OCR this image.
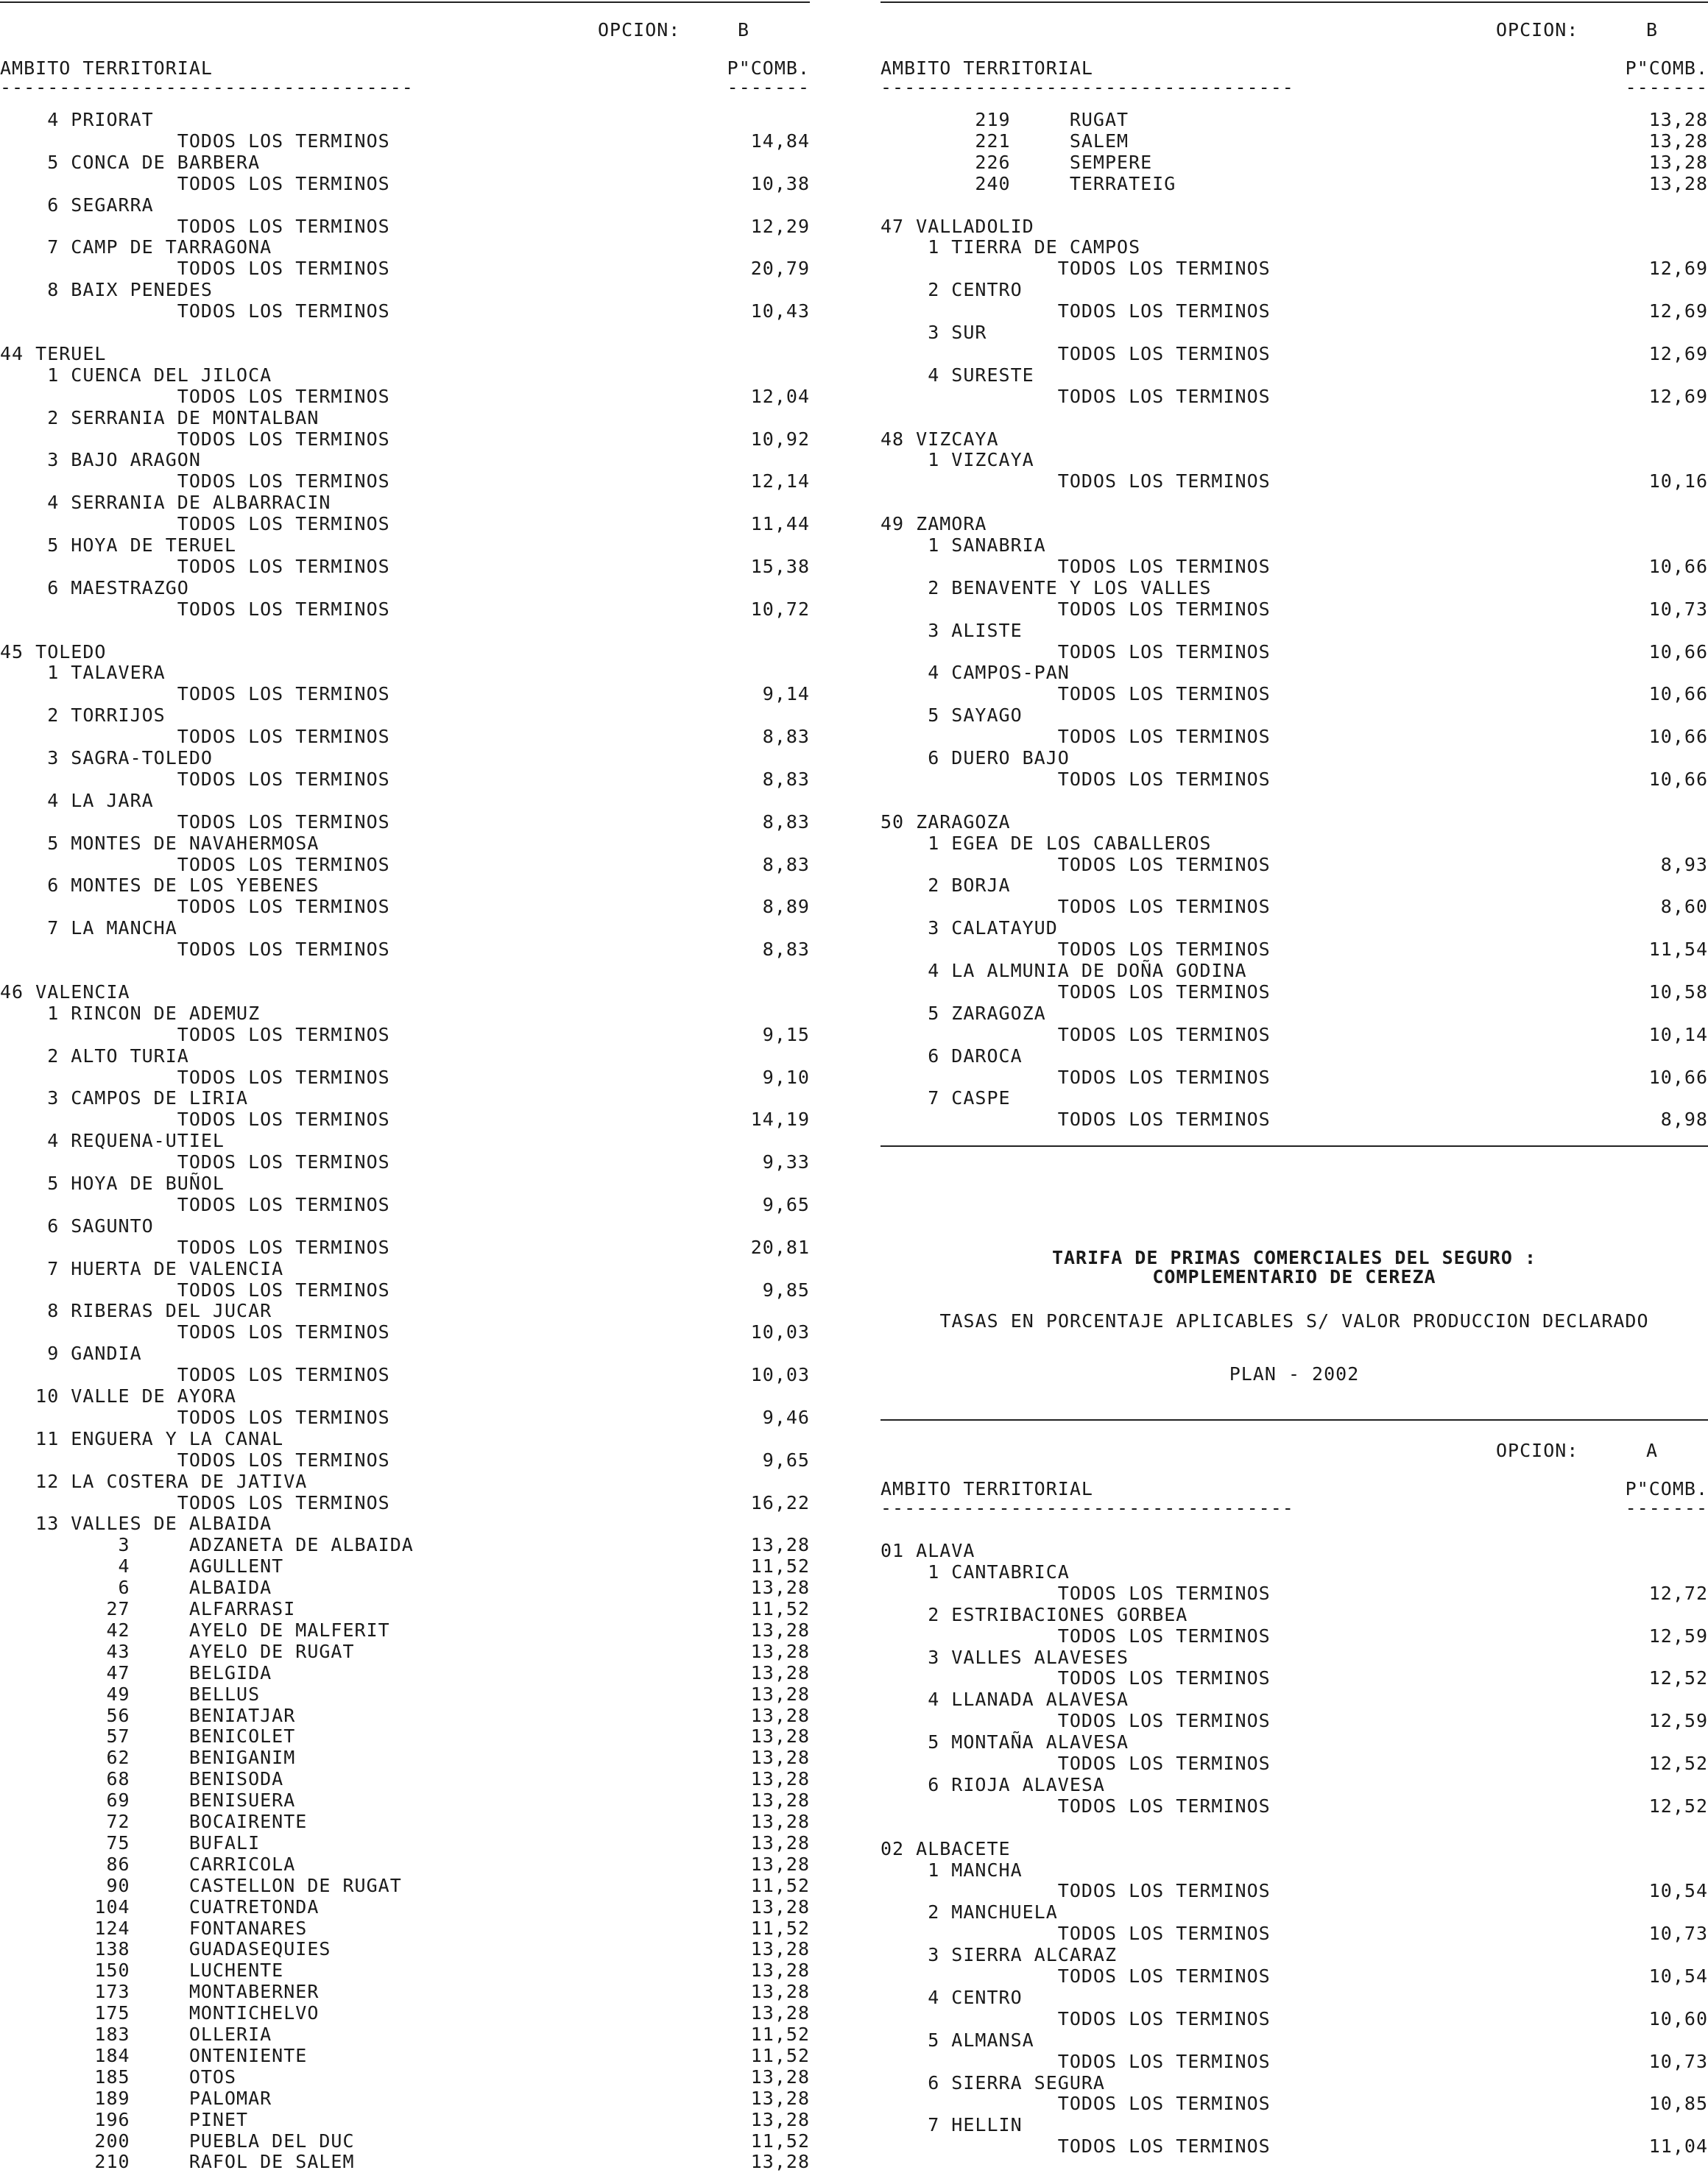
OPCION:

	B

AMBITO TERRITORIAL

	P"COMB.

-----------------------------------

	-------

4 PRIORAT
TODOS LOS TERMINOS	14,84
5 CONCA DE BARBERA
TODOS LOS TERMINOS	10,38
6 SEGARRA
TODOS LOS TERMINOS	12,29
7 CAMP DE TARRAGONA
TODOS LOS TERMINOS	20,79
8 BAIX PENEDES
TODOS LOS TERMINOS	10,43
44 TERUEL
1 CUENCA DEL JILOCA
TODOS LOS TERMINOS	12,04
2 SERRANIA DE MONTALBAN
TODOS LOS TERMINOS	10,92
3 BAJO ARAGON
TODOS LOS TERMINOS	12,14
4 SERRANIA DE ALBARRACIN
TODOS LOS TERMINOS	11,44
5 HOYA DE TERUEL
TODOS LOS TERMINOS	15,38
6 MAESTRAZGO
TODOS LOS TERMINOS	10,72
45 TOLEDO
1 TALAVERA
TODOS LOS TERMINOS	9,14
2 TORRIJOS
TODOS LOS TERMINOS	8,83
3 SAGRA-TOLEDO
TODOS LOS TERMINOS	8,83
4 LA JARA
TODOS LOS TERMINOS	8,83
5 MONTES DE NAVAHERMOSA
TODOS LOS TERMINOS	8,83
6 MONTES DE LOS YEBENES
TODOS LOS TERMINOS	8,89
7 LA MANCHA
TODOS LOS TERMINOS	8,83
46 VALENCIA
1 RINCON DE ADEMUZ
TODOS LOS TERMINOS	9,15
2 ALTO TURIA
TODOS LOS TERMINOS	9,10
3 CAMPOS DE LIRIA
TODOS LOS TERMINOS	14,19
4 REQUENA-UTIEL
TODOS LOS TERMINOS	9,33
5 HOYA DE BUÑOL
TODOS LOS TERMINOS	9,65
6 SAGUNTO
TODOS LOS TERMINOS	20,81
7 HUERTA DE VALENCIA
TODOS LOS TERMINOS	9,85
8 RIBERAS DEL JUCAR
TODOS LOS TERMINOS	10,03
9 GANDIA
TODOS LOS TERMINOS	10,03
10 VALLE DE AYORA
TODOS LOS TERMINOS	9,46
11 ENGUERA Y LA CANAL
TODOS LOS TERMINOS	9,65
12 LA COSTERA DE JATIVA
TODOS LOS TERMINOS	16,22
13 VALLES DE ALBAIDA
3     ADZANETA DE ALBAIDA	13,28
4     AGULLENT	11,52
6     ALBAIDA	13,28
27     ALFARRASI	11,52
42     AYELO DE MALFERIT	13,28
43     AYELO DE RUGAT	13,28
47     BELGIDA	13,28
49     BELLUS	13,28
56     BENIATJAR	13,28
57     BENICOLET	13,28
62     BENIGANIM	13,28
68     BENISODA	13,28
69     BENISUERA	13,28
72     BOCAIRENTE	13,28
75     BUFALI	13,28
86     CARRICOLA	13,28
90     CASTELLON DE RUGAT	11,52
104     CUATRETONDA	13,28
124     FONTANARES	11,52
138     GUADASEQUIES	13,28
150     LUCHENTE	13,28
173     MONTABERNER	13,28
175     MONTICHELVO	13,28
183     OLLERIA	11,52
184     ONTENIENTE	11,52
185     OTOS	13,28
189     PALOMAR	13,28
196     PINET	13,28
200     PUEBLA DEL DUC	11,52
210     RAFOL DE SALEM	13,28

OPCION:

	B

AMBITO TERRITORIAL

	P"COMB.

-----------------------------------

	-------

219     RUGAT	13,28
221     SALEM	13,28
226     SEMPERE	13,28
240     TERRATEIG	13,28
47 VALLADOLID
1 TIERRA DE CAMPOS
TODOS LOS TERMINOS	12,69
2 CENTRO
TODOS LOS TERMINOS	12,69
3 SUR
TODOS LOS TERMINOS	12,69
4 SURESTE
TODOS LOS TERMINOS	12,69
48 VIZCAYA
1 VIZCAYA
TODOS LOS TERMINOS	10,16
49 ZAMORA
1 SANABRIA
TODOS LOS TERMINOS	10,66
2 BENAVENTE Y LOS VALLES
TODOS LOS TERMINOS	10,73
3 ALISTE
TODOS LOS TERMINOS	10,66
4 CAMPOS-PAN
TODOS LOS TERMINOS	10,66
5 SAYAGO
TODOS LOS TERMINOS	10,66
6 DUERO BAJO
TODOS LOS TERMINOS	10,66
50 ZARAGOZA
1 EGEA DE LOS CABALLEROS
TODOS LOS TERMINOS	8,93
2 BORJA
TODOS LOS TERMINOS	8,60
3 CALATAYUD
TODOS LOS TERMINOS	11,54
4 LA ALMUNIA DE DOÑA GODINA
TODOS LOS TERMINOS	10,58
5 ZARAGOZA
TODOS LOS TERMINOS	10,14
6 DAROCA
TODOS LOS TERMINOS	10,66
7 CASPE
TODOS LOS TERMINOS	8,98
TARIFA DE PRIMAS COMERCIALES DEL SEGURO :
COMPLEMENTARIO DE CEREZA
TASAS EN PORCENTAJE APLICABLES S/ VALOR PRODUCCION DECLARADO
PLAN - 2002

OPCION:

	A

AMBITO TERRITORIAL

	P"COMB.

-----------------------------------

	-------

01 ALAVA
1 CANTABRICA
TODOS LOS TERMINOS	12,72
2 ESTRIBACIONES GORBEA
TODOS LOS TERMINOS	12,59
3 VALLES ALAVESES
TODOS LOS TERMINOS	12,52
4 LLANADA ALAVESA
TODOS LOS TERMINOS	12,59
5 MONTAÑA ALAVESA
TODOS LOS TERMINOS	12,52
6 RIOJA ALAVESA
TODOS LOS TERMINOS	12,52
02 ALBACETE
1 MANCHA
TODOS LOS TERMINOS	10,54
2 MANCHUELA
TODOS LOS TERMINOS	10,73
3 SIERRA ALCARAZ
TODOS LOS TERMINOS	10,54
4 CENTRO
TODOS LOS TERMINOS	10,60
5 ALMANSA
TODOS LOS TERMINOS	10,73
6 SIERRA SEGURA
TODOS LOS TERMINOS	10,85
7 HELLIN
TODOS LOS TERMINOS	11,04
